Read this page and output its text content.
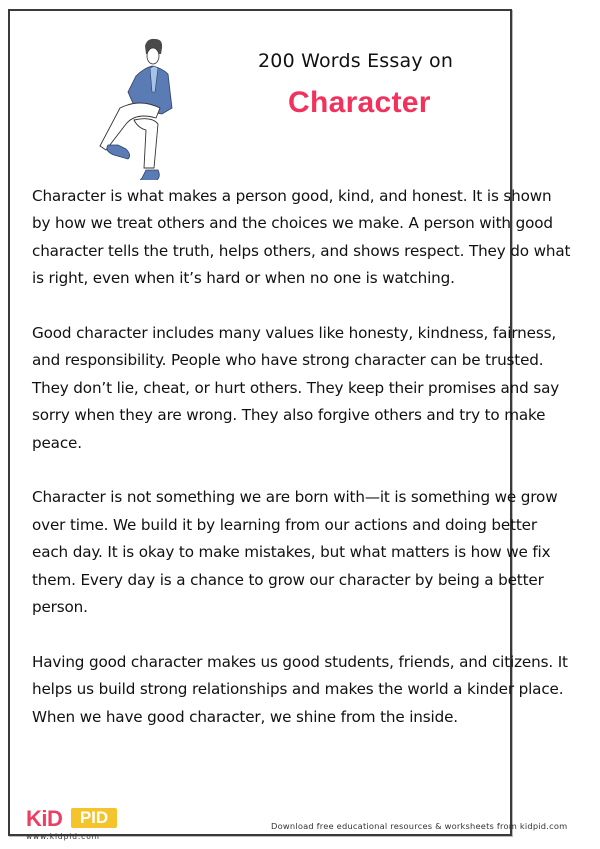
200 Words Essay on
Character

Character is what makes a person good, kind, and honest. It is shown by how we treat others and the choices we make. A person with good character tells the truth, helps others, and shows respect. They do what is right, even when it’s hard or when no one is watching.

Good character includes many values like honesty, kindness, fairness, and responsibility. People who have strong character can be trusted. They don’t lie, cheat, or hurt others. They keep their promises and say sorry when they are wrong. They also forgive others and try to make peace.

Character is not something we are born with—it is something we grow over time. We build it by learning from our actions and doing better each day. It is okay to make mistakes, but what matters is how we fix them. Every day is a chance to grow our character by being a better person.

Having good character makes us good students, friends, and citizens. It helps us build strong relationships and makes the world a kinder place. When we have good character, we shine from the inside.

KiD	PID
www.kidpid.com
Download free educational resources & worksheets from kidpid.com
